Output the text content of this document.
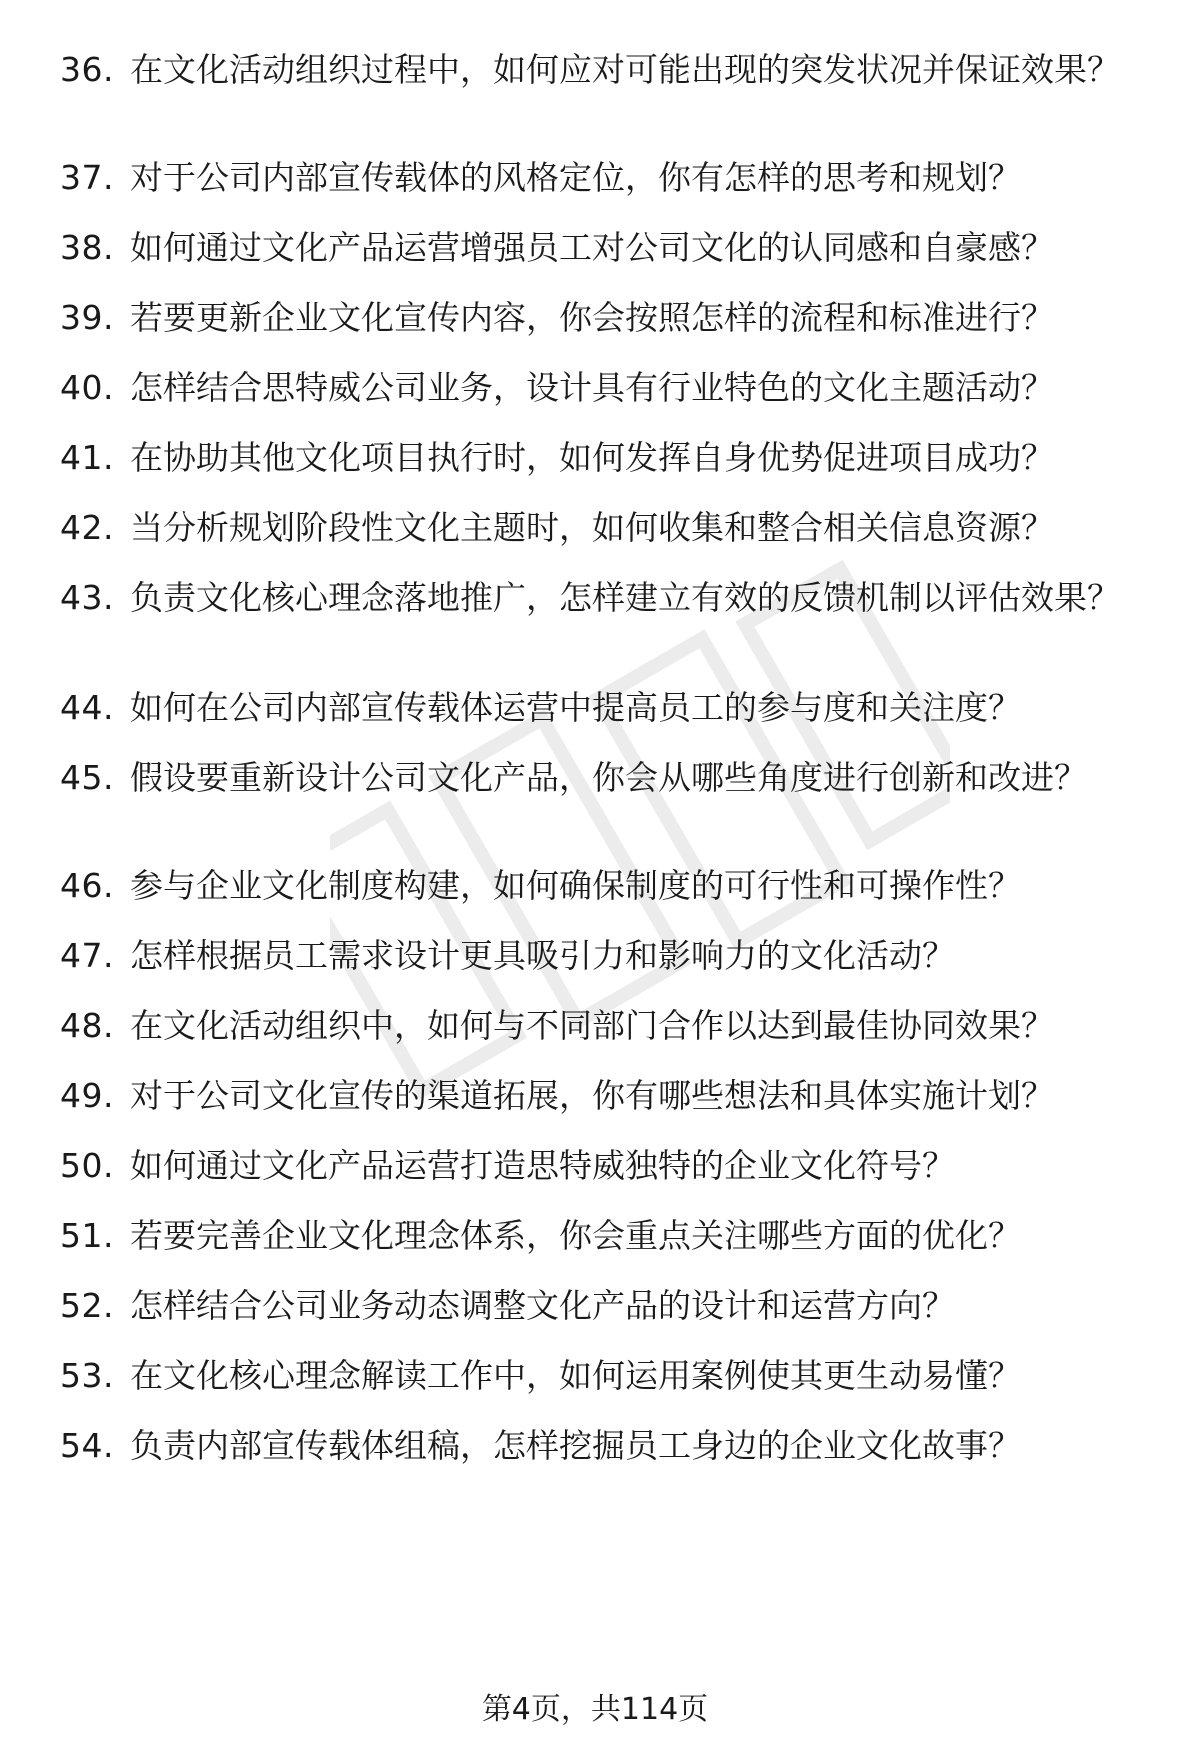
36. 在文化活动组织过程中，如何应对可能出现的突发状况并保证效果？
37. 对于公司内部宣传载体的风格定位，你有怎样的思考和规划？
38. 如何通过文化产品运营增强员工对公司文化的认同感和自豪感？
39. 若要更新企业文化宣传内容，你会按照怎样的流程和标准进行？
40. 怎样结合思特威公司业务，设计具有行业特色的文化主题活动？
41. 在协助其他文化项目执行时，如何发挥自身优势促进项目成功？
42. 当分析规划阶段性文化主题时，如何收集和整合相关信息资源？
43. 负责文化核心理念落地推广，怎样建立有效的反馈机制以评估效果？
44. 如何在公司内部宣传载体运营中提高员工的参与度和关注度？
45. 假设要重新设计公司文化产品，你会从哪些角度进行创新和改进？
46. 参与企业文化制度构建，如何确保制度的可行性和可操作性？
47. 怎样根据员工需求设计更具吸引力和影响力的文化活动？
48. 在文化活动组织中，如何与不同部门合作以达到最佳协同效果？
49. 对于公司文化宣传的渠道拓展，你有哪些想法和具体实施计划？
50. 如何通过文化产品运营打造思特威独特的企业文化符号？
51. 若要完善企业文化理念体系，你会重点关注哪些方面的优化？
52. 怎样结合公司业务动态调整文化产品的设计和运营方向？
53. 在文化核心理念解读工作中，如何运用案例使其更生动易懂？
54. 负责内部宣传载体组稿，怎样挖掘员工身边的企业文化故事？
第4页，共114页
